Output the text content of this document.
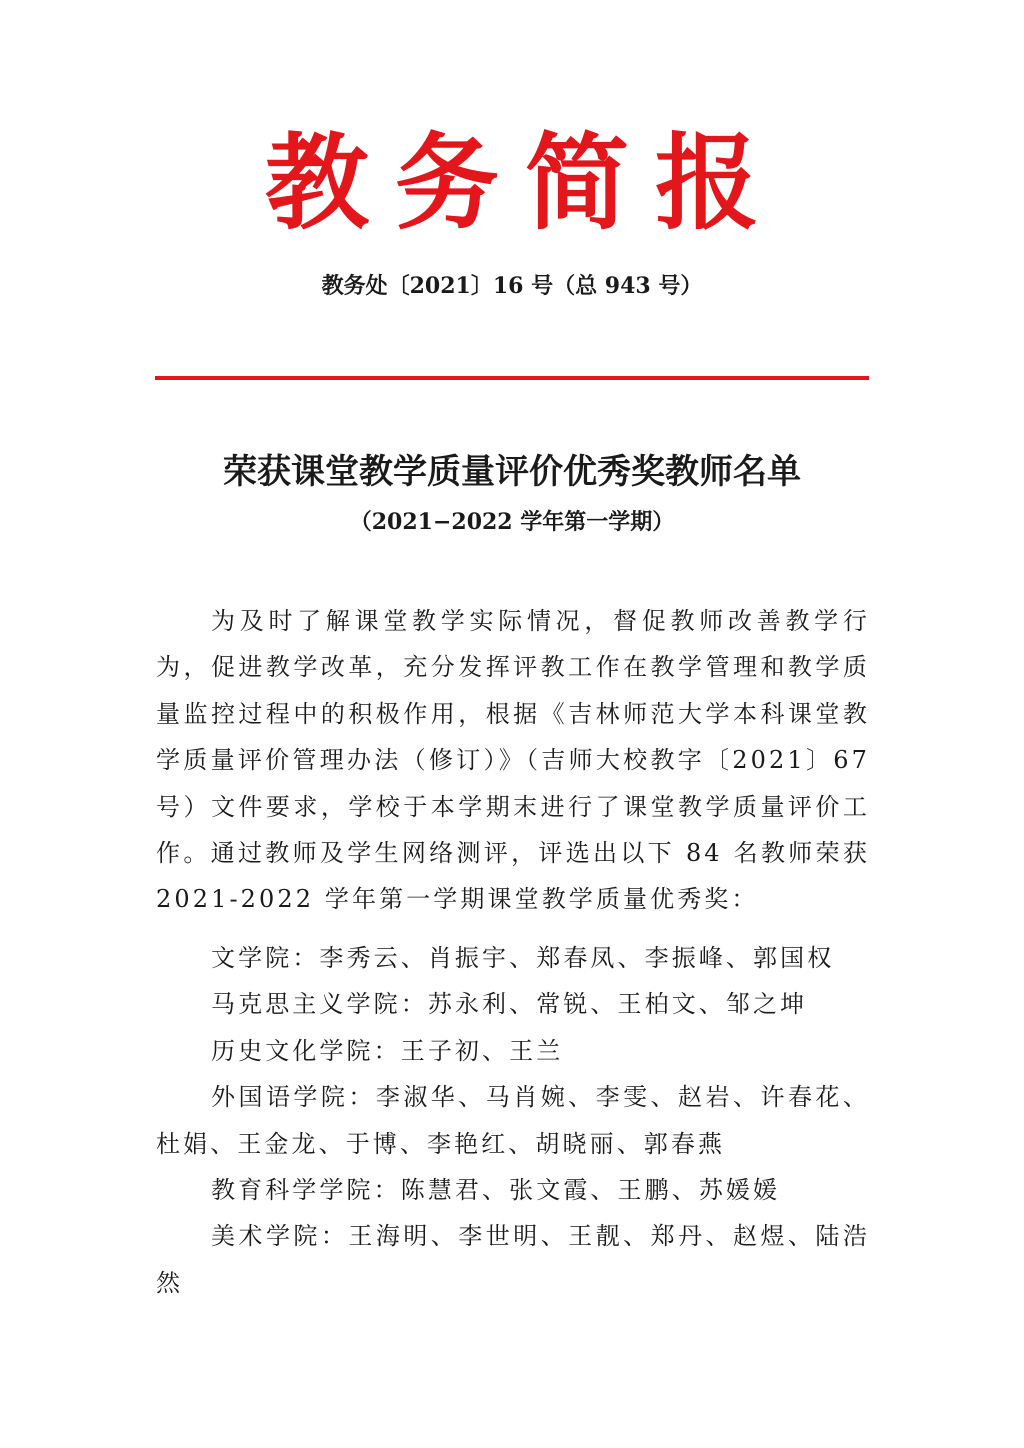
教务简报
教务处〔2021〕16 号（总 943 号）
荣获课堂教学质量评价优秀奖教师名单
（2021−2022 学年第一学期）

为及时了解课堂教学实际情况，督促教师改善教学行为，促进教学改革，充分发挥评教工作在教学管理和教学质量监控过程中的积极作用，根据《吉林师范大学本科课堂教学质量评价管理办法（修订）》（吉师大校教字〔2021〕67 号）文件要求，学校于本学期末进行了课堂教学质量评价工作。通过教师及学生网络测评，评选出以下 84 名教师荣获 2021-2022 学年第一学期课堂教学质量优秀奖：

文学院：李秀云、肖振宇、郑春凤、李振峰、郭国权
马克思主义学院：苏永利、常锐、王柏文、邹之坤
历史文化学院：王子初、王兰
外国语学院：李淑华、马肖婉、李雯、赵岩、许春花、杜娟、王金龙、于博、李艳红、胡晓丽、郭春燕
教育科学学院：陈慧君、张文霞、王鹏、苏媛媛
美术学院：王海明、李世明、王靓、郑丹、赵煜、陆浩然
